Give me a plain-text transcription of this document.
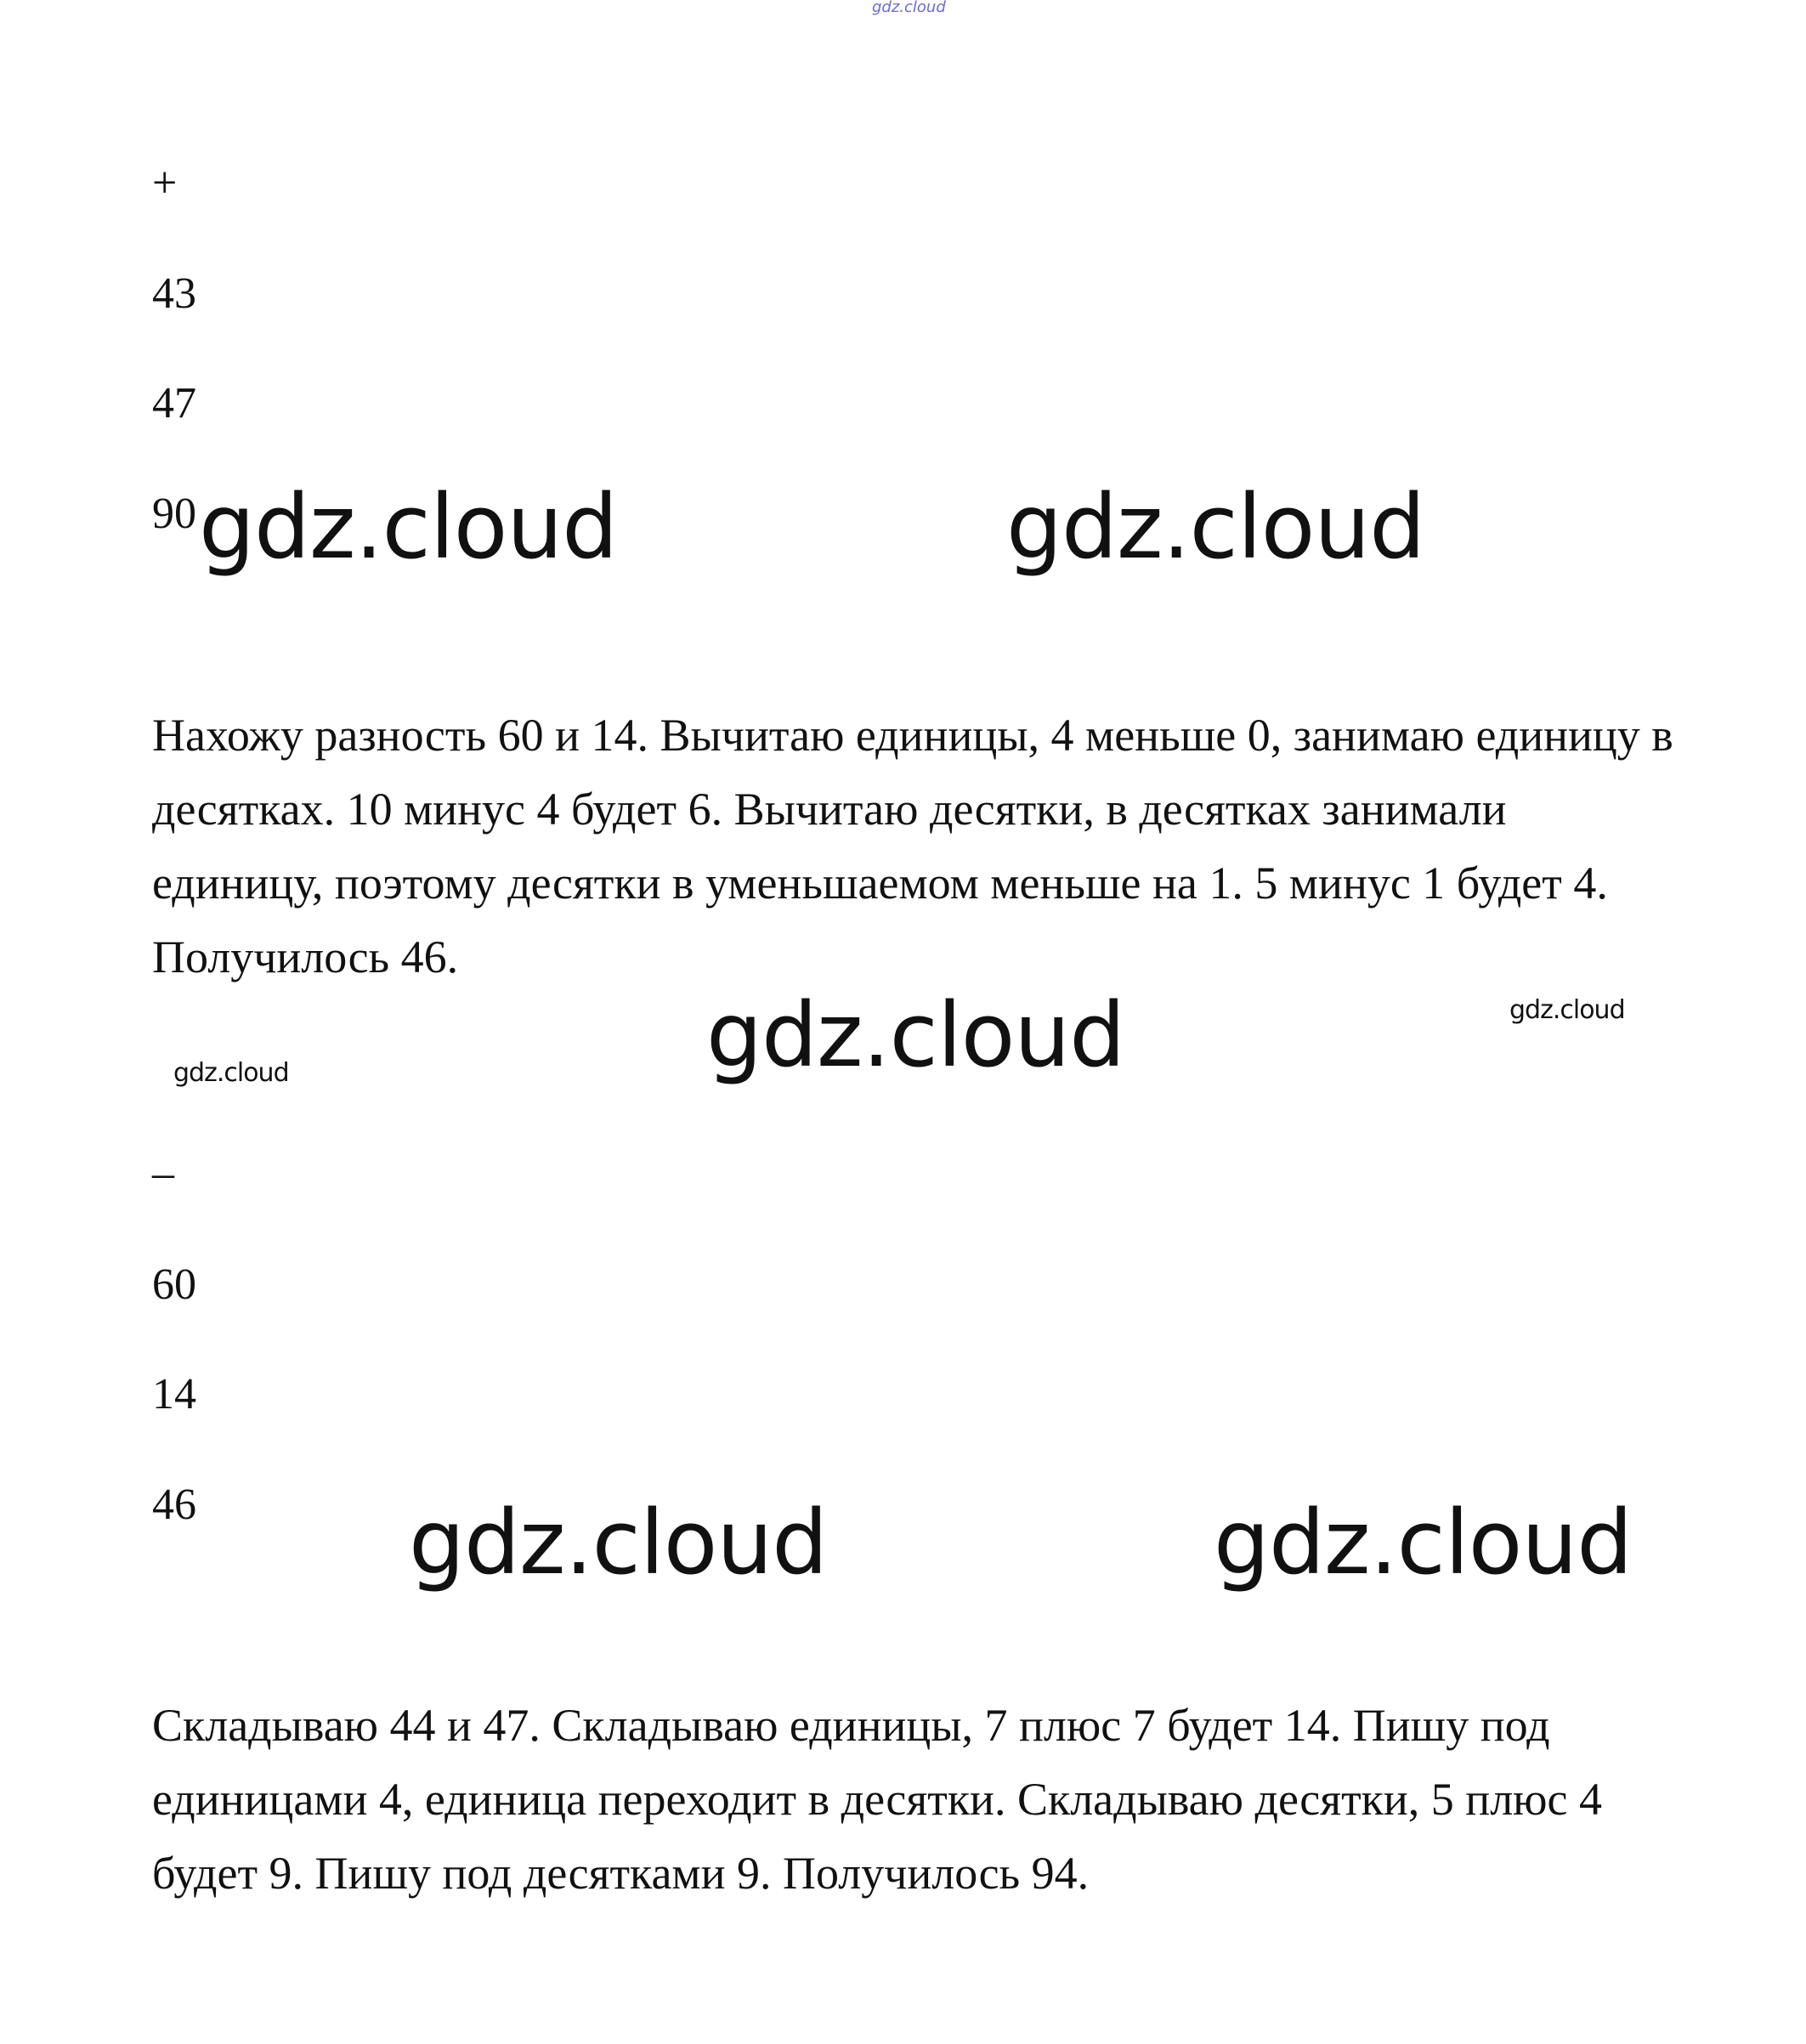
gdz.cloud
+
43
47
90 gdz.cloud	gdz.cloud

Нахожу разность 60 и 14. Вычитаю единицы, 4 меньше 0, занимаю единицу в десятках. 10 минус 4 будет 6. Вычитаю десятки, в десятках занимали единицу, поэтому десятки в уменьшаемом меньше на 1. 5 минус 1 будет 4. Получилось 46.

gdz.cloud	gdz.cloud
gdz.cloud
–
60
14
46 gdz.cloud	gdz.cloud

Складываю 44 и 47. Складываю единицы, 7 плюс 7 будет 14. Пишу под единицами 4, единица переходит в десятки. Складываю десятки, 5 плюс 4 будет 9. Пишу под десятками 9. Получилось 94.
